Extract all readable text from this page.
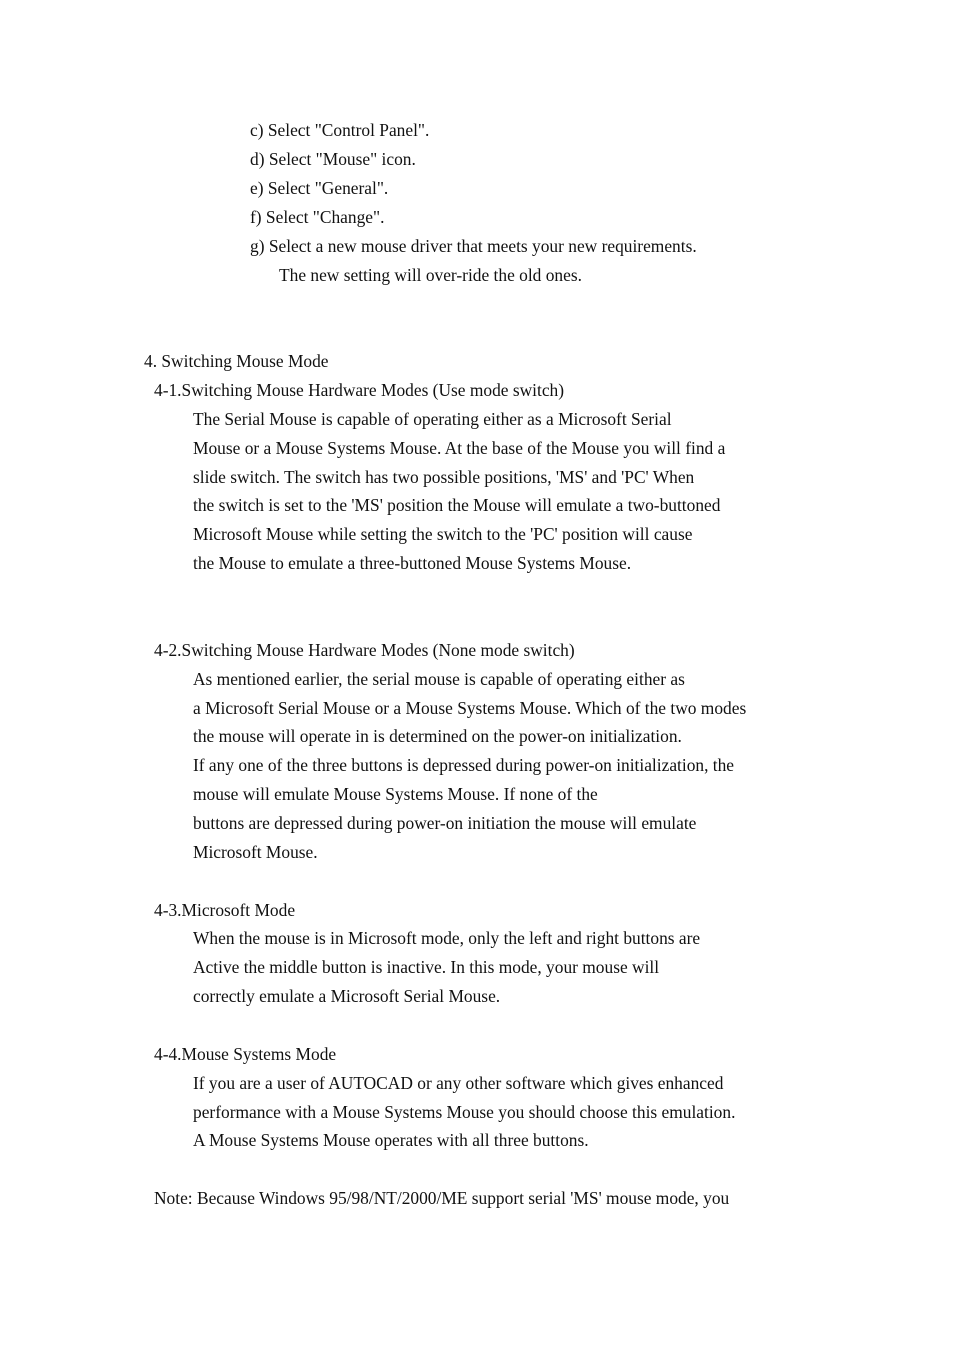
c) Select "Control Panel".
d) Select "Mouse" icon.
e) Select "General".
f) Select "Change".
g) Select a new mouse driver that meets your new requirements.
The new setting will over-ride the old ones.
4. Switching Mouse Mode
4-1.Switching Mouse Hardware Modes (Use mode switch)
The Serial Mouse is capable of operating either as a Microsoft Serial
Mouse or a Mouse Systems Mouse. At the base of the Mouse you will find a
slide switch. The switch has two possible positions, 'MS' and 'PC' When
the switch is set to the 'MS' position the Mouse will emulate a two-buttoned
Microsoft Mouse while setting the switch to the 'PC' position will cause
the Mouse to emulate a three-buttoned Mouse Systems Mouse.
4-2.Switching Mouse Hardware Modes (None mode switch)
As mentioned earlier, the serial mouse is capable of operating either as
a Microsoft Serial Mouse or a Mouse Systems Mouse. Which of the two modes
the mouse will operate in is determined on the power-on initialization.
If any one of the three buttons is depressed during power-on initialization, the
mouse will emulate Mouse Systems Mouse. If none of the
buttons are depressed during power-on initiation the mouse will emulate
Microsoft Mouse.
4-3.Microsoft Mode
When the mouse is in Microsoft mode, only the left and right buttons are
Active the middle button is inactive. In this mode, your mouse will
correctly emulate a Microsoft Serial Mouse.
4-4.Mouse Systems Mode
If you are a user of AUTOCAD or any other software which gives enhanced
performance with a Mouse Systems Mouse you should choose this emulation.
A Mouse Systems Mouse operates with all three buttons.
Note: Because Windows 95/98/NT/2000/ME support serial 'MS' mouse mode, you
